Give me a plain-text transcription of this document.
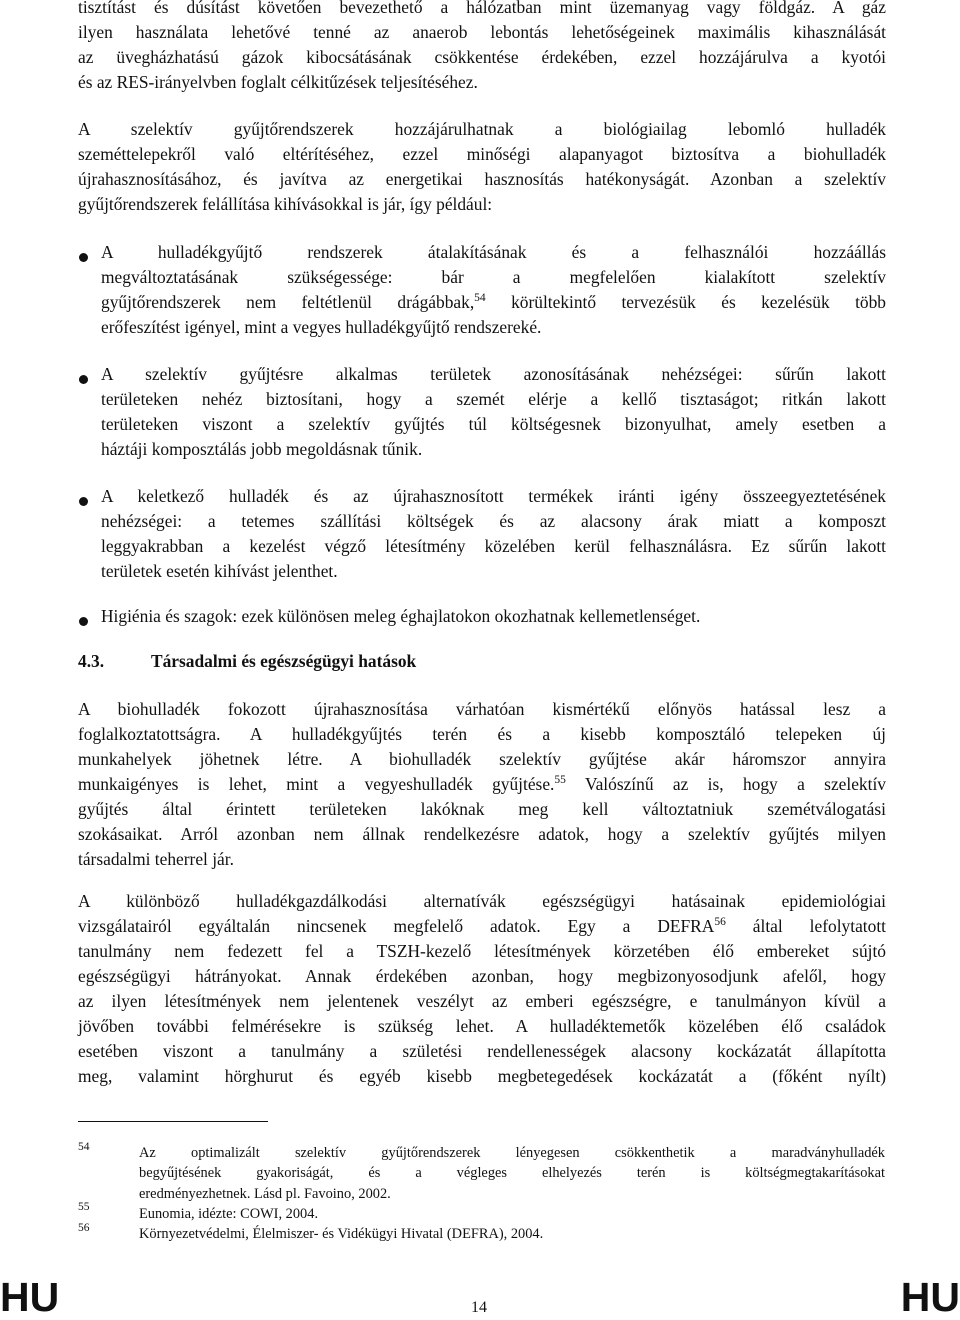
tisztítást és dúsítást követően bevezethető a hálózatban mint üzemanyag vagy földgáz. A gáz

ilyen használata lehetővé tenné az anaerob lebontás lehetőségeinek maximális kihasználását

az üvegházhatású gázok kibocsátásának csökkentése érdekében, ezzel hozzájárulva a kyotói

és az RES-irányelvben foglalt célkitűzések teljesítéséhez.

A szelektív gyűjtőrendszerek hozzájárulhatnak a biológiailag lebomló hulladék

szeméttelepekről való eltérítéséhez, ezzel minőségi alapanyagot biztosítva a biohulladék

újrahasznosításához, és javítva az energetikai hasznosítás hatékonyságát. Azonban a szelektív

gyűjtőrendszerek felállítása kihívásokkal is jár, így például:

A hulladékgyűjtő rendszerek átalakításának és a felhasználói hozzáállás

megváltoztatásának szükségessége: bár a megfelelően kialakított szelektív

gyűjtőrendszerek nem feltétlenül drágábbak,$^{54}$ körültekintő tervezésük és kezelésük több

erőfeszítést igényel, mint a vegyes hulladékgyűjtő rendszereké.

A szelektív gyűjtésre alkalmas területek azonosításának nehézségei: sűrűn lakott

területeken nehéz biztosítani, hogy a szemét elérje a kellő tisztaságot; ritkán lakott

területeken viszont a szelektív gyűjtés túl költségesnek bizonyulhat, amely esetben a

háztáji komposztálás jobb megoldásnak tűnik.

A keletkező hulladék és az újrahasznosított termékek iránti igény összeegyeztetésének

nehézségei: a tetemes szállítási költségek és az alacsony árak miatt a komposzt

leggyakrabban a kezelést végző létesítmény közelében kerül felhasználásra. Ez sűrűn lakott

területek esetén kihívást jelenthet.

Higiénia és szagok: ezek különösen meleg éghajlatokon okozhatnak kellemetlenséget.

4.3.	Társadalmi és egészségügyi hatások

A biohulladék fokozott újrahasznosítása várhatóan kismértékű előnyös hatással lesz a

foglalkoztatottságra. A hulladékgyűjtés terén és a kisebb komposztáló telepeken új

munkahelyek jöhetnek létre. A biohulladék szelektív gyűjtése akár háromszor annyira

munkaigényes is lehet, mint a vegyeshulladék gyűjtése.$^{55}$ Valószínű az is, hogy a szelektív

gyűjtés által érintett területeken lakóknak meg kell változtatniuk szemétválogatási

szokásaikat. Arról azonban nem állnak rendelkezésre adatok, hogy a szelektív gyűjtés milyen

társadalmi teherrel jár.

A különböző hulladékgazdálkodási alternatívák egészségügyi hatásainak epidemiológiai

vizsgálatairól egyáltalán nincsenek megfelelő adatok. Egy a DEFRA$^{56}$ által lefolytatott

tanulmány nem fedezett fel a TSZH-kezelő létesítmények körzetében élő embereket sújtó

egészségügyi hátrányokat. Annak érdekében azonban, hogy megbizonyosodjunk afelől, hogy

az ilyen létesítmények nem jelentenek veszélyt az emberi egészségre, e tanulmányon kívül a

jövőben további felmérésekre is szükség lehet. A hulladéktemetők közelében élő családok

esetében viszont a tanulmány a születési rendellenességek alacsony kockázatát állapította

meg, valamint hörghurut és egyéb kisebb megbetegedések kockázatát a (főként nyílt)

54	Az optimalizált szelektív gyűjtőrendszerek lényegesen csökkenthetik a maradványhulladék

begyűjtésének gyakoriságát, és a végleges elhelyezés terén is költségmegtakarításokat

eredményezhetnek. Lásd pl. Favoino, 2002.

55	Eunomia, idézte: COWI, 2004.

56	Környezetvédelmi, Élelmiszer- és Vidékügyi Hivatal (DEFRA), 2004.

HU	14	HU
